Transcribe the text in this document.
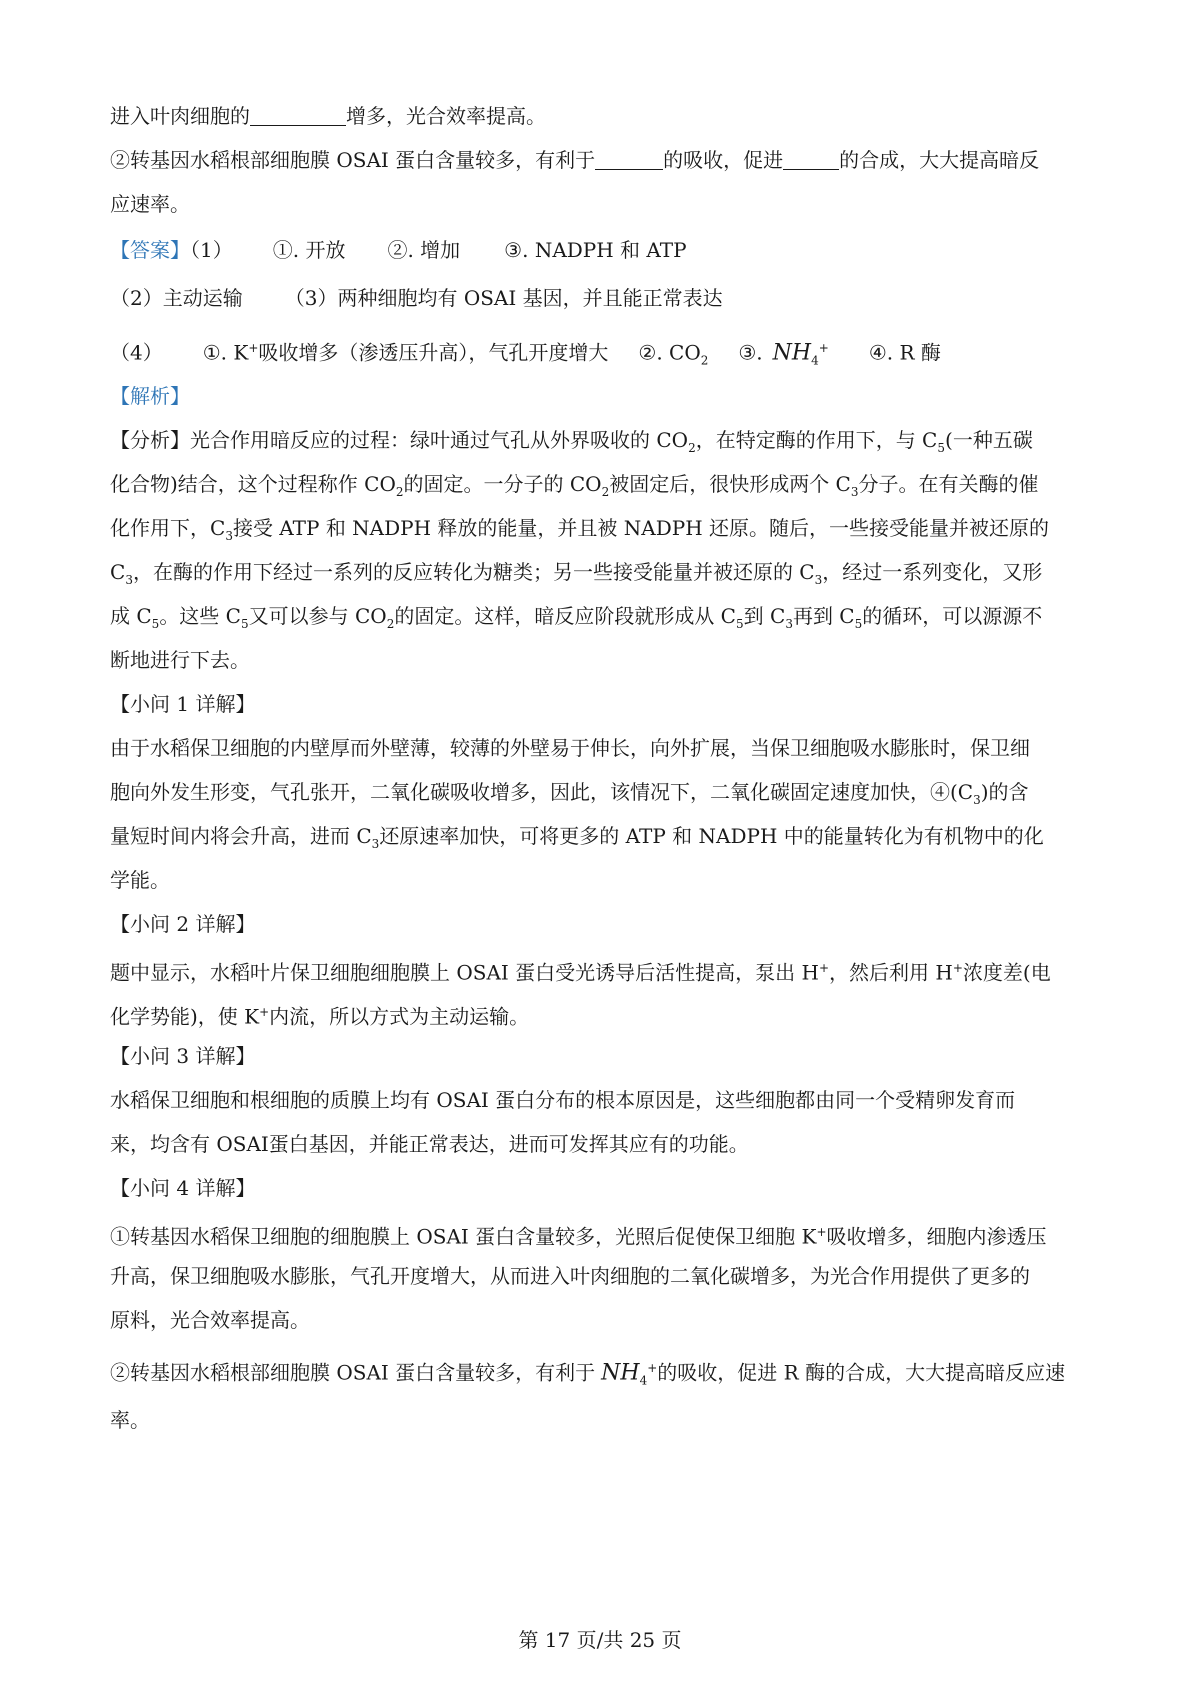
进入叶肉细胞的	增多，光合效率提高。
②转基因水稻根部细胞膜 OSAI 蛋白含量较多，有利于	的吸收，促进	的合成，大大提高暗反
应速率。
【答案】（1） ①. 开放 ②. 增加 ③. NADPH 和 ATP
（2）主动运输 （3）两种细胞均有 OSAI 基因，并且能正常表达
（4） ①. K+吸收增多（渗透压升高），气孔开度增大 ②. $CO_2$ ③. $NH_4^+$ ④. R 酶
【解析】
【分析】光合作用暗反应的过程：绿叶通过气孔从外界吸收的 $CO_2$，在特定酶的作用下，与 $C_5$(一种五碳
化合物)结合，这个过程称作 $CO_2$的固定。一分子的 $CO_2$被固定后，很快形成两个 $C_3$分子。在有关酶的催
化作用下，$C_3$接受 ATP 和 NADPH 释放的能量，并且被 NADPH 还原。随后，一些接受能量并被还原的
$C_3$，在酶的作用下经过一系列的反应转化为糖类；另一些接受能量并被还原的 $C_3$，经过一系列变化，又形
成 $C_5$。这些 $C_5$又可以参与 $CO_2$的固定。这样，暗反应阶段就形成从 $C_5$到 $C_3$再到 $C_5$的循环，可以源源不
断地进行下去。
【小问 1 详解】
由于水稻保卫细胞的内壁厚而外壁薄，较薄的外壁易于伸长，向外扩展，当保卫细胞吸水膨胀时，保卫细
胞向外发生形变，气孔张开，二氧化碳吸收增多，因此，该情况下，二氧化碳固定速度加快，$④(C_3)$的含
量短时间内将会升高，进而 $C_3$还原速率加快，可将更多的 ATP 和 NADPH 中的能量转化为有机物中的化
学能。
【小问 2 详解】
题中显示，水稻叶片保卫细胞细胞膜上 OSAI 蛋白受光诱导后活性提高，泵出 H+，然后利用 H+浓度差(电
化学势能)，使 K+内流，所以方式为主动运输。
【小问 3 详解】
水稻保卫细胞和根细胞的质膜上均有 OSAI 蛋白分布的根本原因是，这些细胞都由同一个受精卵发育而
来，均含有 OSAI蛋白基因，并能正常表达，进而可发挥其应有的功能。
【小问 4 详解】
①转基因水稻保卫细胞的细胞膜上 OSAI 蛋白含量较多，光照后促使保卫细胞 K+吸收增多，细胞内渗透压
升高，保卫细胞吸水膨胀，气孔开度增大，从而进入叶肉细胞的二氧化碳增多，为光合作用提供了更多的
原料，光合效率提高。
②转基因水稻根部细胞膜 OSAI 蛋白含量较多，有利于 $NH_4^+$的吸收，促进 R 酶的合成，大大提高暗反应速
率。
第 17 页/共 25 页
